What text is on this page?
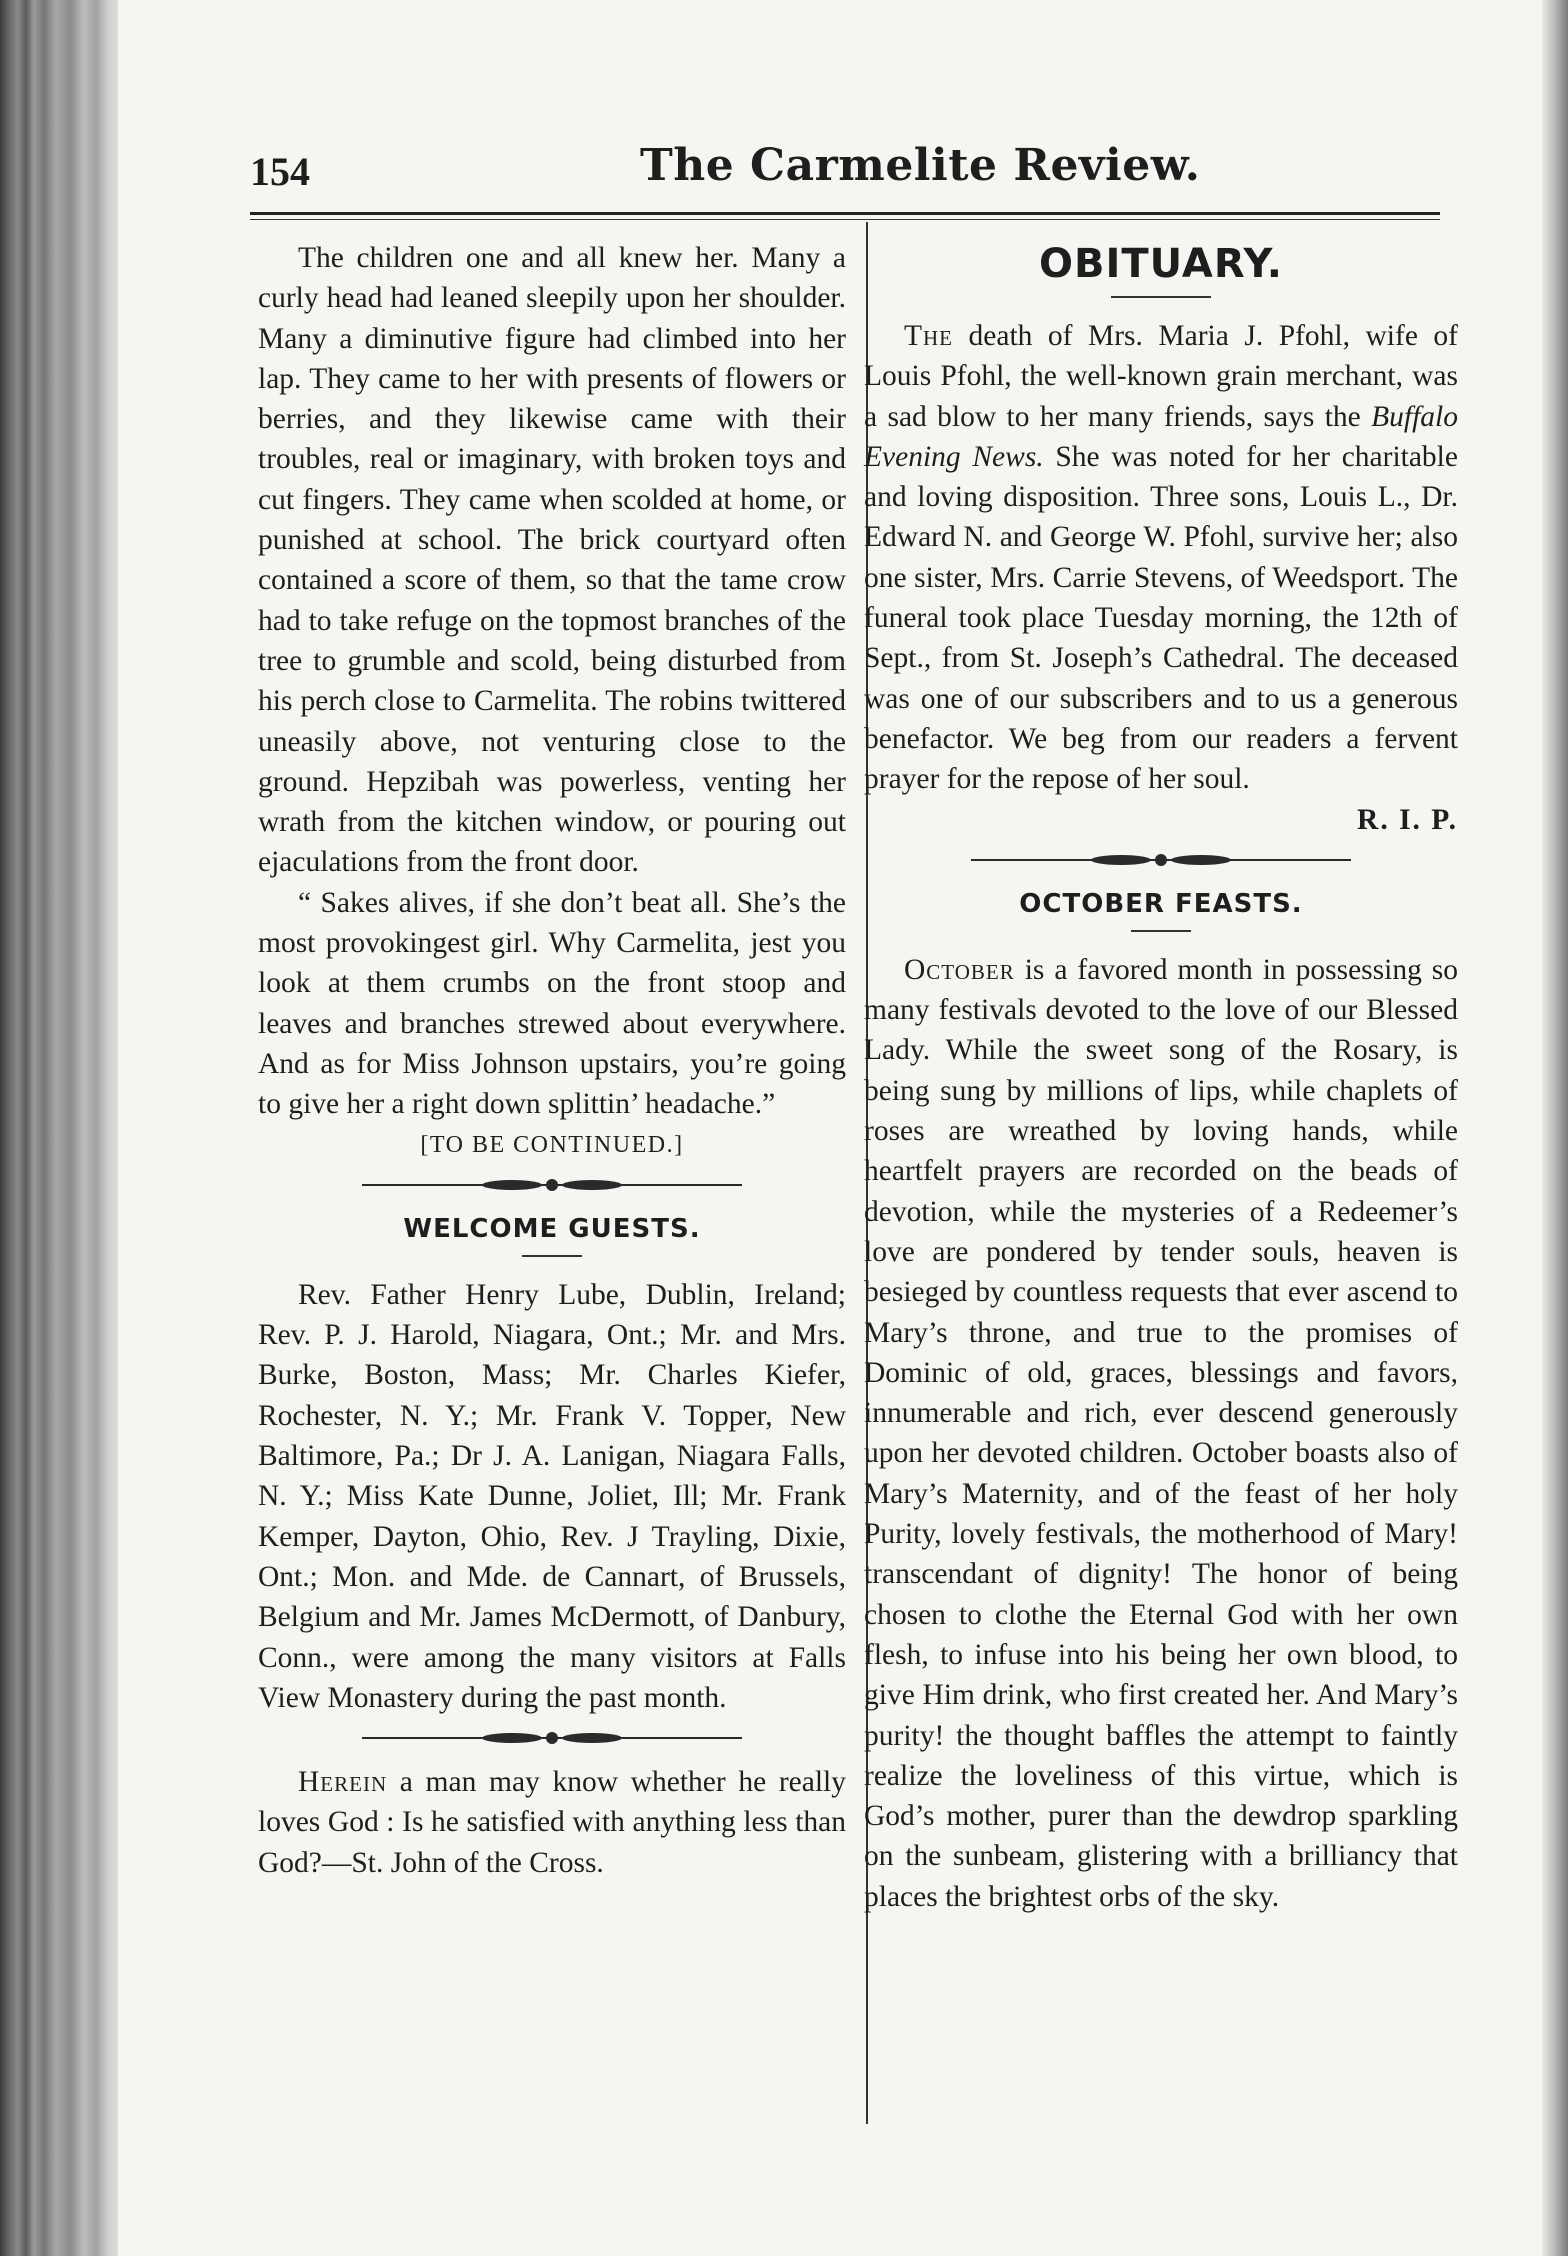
154	The Carmelite Review.

The children one and all knew her. Many a curly head had leaned sleepily upon her shoulder. Many a diminutive figure had climbed into her lap. They came to her with presents of flowers or berries, and they likewise came with their troubles, real or imaginary, with broken toys and cut fingers. They came when scolded at home, or punished at school. The brick courtyard often contained a score of them, so that the tame crow had to take refuge on the topmost branches of the tree to grumble and scold, being disturbed from his perch close to Carmelita. The robins twittered uneasily above, not venturing close to the ground. Hepzibah was powerless, venting her wrath from the kitchen window, or pouring out ejaculations from the front door.

“ Sakes alives, if she don’t beat all. She’s the most provokingest girl. Why Carmelita, jest you look at them crumbs on the front stoop and leaves and branches strewed about everywhere. And as for Miss Johnson upstairs, you’re going to give her a right down splittin’ headache.”

[TO BE CONTINUED.]

WELCOME GUESTS.

Rev. Father Henry Lube, Dublin, Ireland; Rev. P. J. Harold, Niagara, Ont.; Mr. and Mrs. Burke, Boston, Mass; Mr. Charles Kiefer, Rochester, N. Y.; Mr. Frank V. Topper, New Baltimore, Pa.; Dr J. A. Lanigan, Niagara Falls, N. Y.; Miss Kate Dunne, Joliet, Ill; Mr. Frank Kemper, Dayton, Ohio, Rev. J Trayling, Dixie, Ont.; Mon. and Mde. de Cannart, of Brussels, Belgium and Mr. James McDermott, of Danbury, Conn., were among the many visitors at Falls View Monastery during the past month.

Herein a man may know whether he really loves God : Is he satisfied with anything less than God?—St. John of the Cross.

OBITUARY.

The death of Mrs. Maria J. Pfohl, wife of Louis Pfohl, the well-known grain merchant, was a sad blow to her many friends, says the Buffalo Evening News. She was noted for her charitable and loving disposition. Three sons, Louis L., Dr. Edward N. and George W. Pfohl, survive her; also one sister, Mrs. Carrie Stevens, of Weedsport. The funeral took place Tuesday morning, the 12th of Sept., from St. Joseph’s Cathedral. The deceased was one of our subscribers and to us a generous benefactor. We beg from our readers a fervent prayer for the repose of her soul.

R. I. P.

OCTOBER FEASTS.

October is a favored month in possessing so many festivals devoted to the love of our Blessed Lady. While the sweet song of the Rosary, is being sung by millions of lips, while chaplets of roses are wreathed by loving hands, while heartfelt prayers are recorded on the beads of devotion, while the mysteries of a Redeemer’s love are pondered by tender souls, heaven is besieged by countless requests that ever ascend to Mary’s throne, and true to the promises of Dominic of old, graces, blessings and favors, innumerable and rich, ever descend generously upon her devoted children. October boasts also of Mary’s Maternity, and of the feast of her holy Purity, lovely festivals, the motherhood of Mary! transcendant of dignity! The honor of being chosen to clothe the Eternal God with her own flesh, to infuse into his being her own blood, to give Him drink, who first created her. And Mary’s purity! the thought baffles the attempt to faintly realize the loveliness of this virtue, which is God’s mother, purer than the dewdrop sparkling on the sunbeam, glistering with a brilliancy that places the brightest orbs of the sky.
